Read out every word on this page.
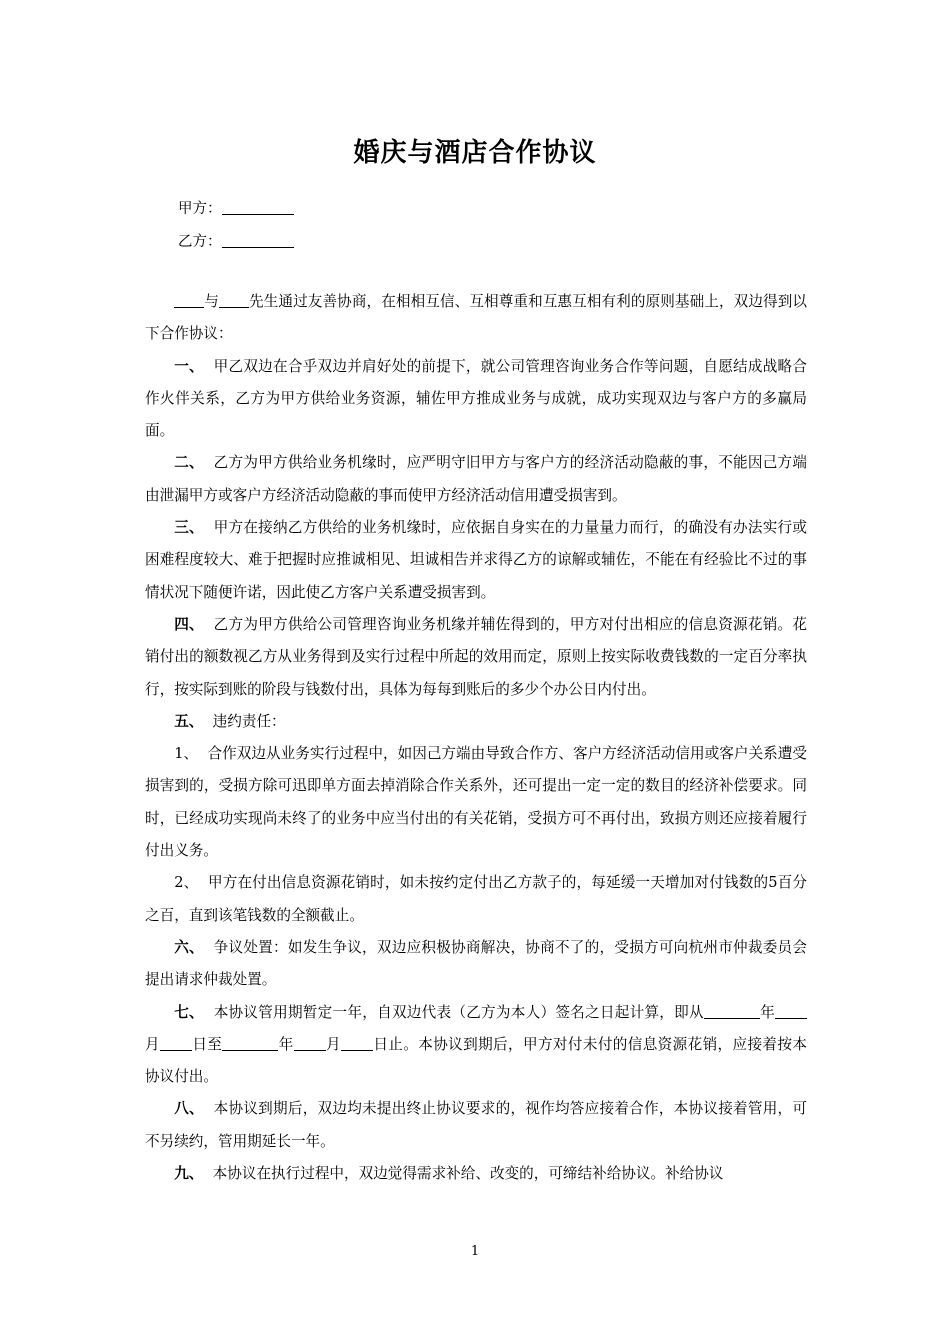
婚庆与酒店合作协议
甲方：
乙方：

与 先生通过友善协商，在相相互信、互相尊重和互惠互相有利的原则基础上，双边得到以下合作协议：

一、 甲乙双边在合乎双边并肩好处的前提下，就公司管理咨询业务合作等问题，自愿结成战略合作火伴关系，乙方为甲方供给业务资源，辅佐甲方推成业务与成就，成功实现双边与客户方的多赢局面。

二、 乙方为甲方供给业务机缘时，应严明守旧甲方与客户方的经济活动隐蔽的事，不能因己方端由泄漏甲方或客户方经济活动隐蔽的事而使甲方经济活动信用遭受损害到。

三、 甲方在接纳乙方供给的业务机缘时，应依据自身实在的力量量力而行，的确没有办法实行或困难程度较大、难于把握时应推诚相见、坦诚相告并求得乙方的谅解或辅佐，不能在有经验比不过的事情状况下随便许诺，因此使乙方客户关系遭受损害到。

四、 乙方为甲方供给公司管理咨询业务机缘并辅佐得到的，甲方对付出相应的信息资源花销。花销付出的额数视乙方从业务得到及实行过程中所起的效用而定，原则上按实际收费钱数的一定百分率执行，按实际到账的阶段与钱数付出，具体为每每到账后的多少个办公日内付出。

五、 违约责任：

1、 合作双边从业务实行过程中，如因己方端由导致合作方、客户方经济活动信用或客户关系遭受损害到的，受损方除可迅即单方面去掉消除合作关系外，还可提出一定一定的数目的经济补偿要求。同时，已经成功实现尚未终了的业务中应当付出的有关花销，受损方可不再付出，致损方则还应接着履行付出义务。

2、 甲方在付出信息资源花销时，如未按约定付出乙方款子的，每延缓一天增加对付钱数的5百分之百，直到该笔钱数的全额截止。

六、 争议处置：如发生争议，双边应积极协商解决，协商不了的，受损方可向杭州市仲裁委员会提出请求仲裁处置。

七、 本协议管用期暂定一年，自双边代表（乙方为本人）签名之日起计算，即从	年月 日至	年 月 日止。本协议到期后，甲方对付未付的信息资源花销，应接着按本协议付出。

八、 本协议到期后，双边均未提出终止协议要求的，视作均答应接着合作，本协议接着管用，可不另续约，管用期延长一年。

九、 本协议在执行过程中，双边觉得需求补给、改变的，可缔结补给协议。补给协议

1
